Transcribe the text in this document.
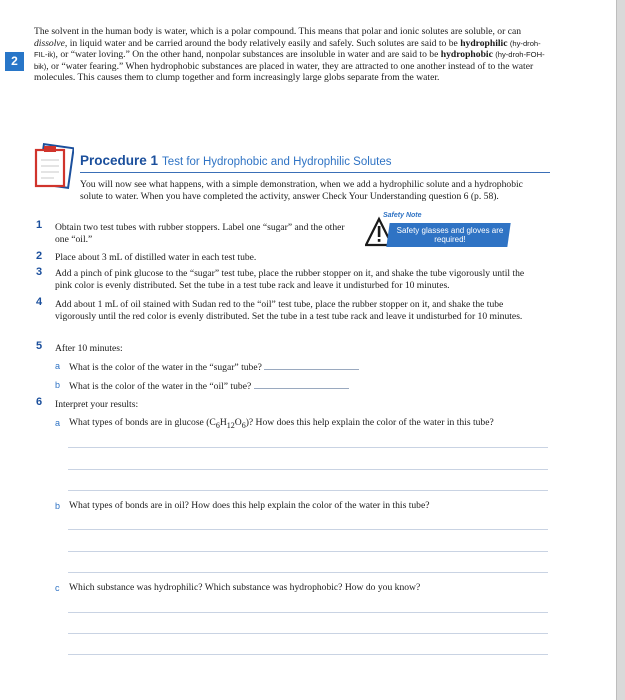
2
The solvent in the human body is water, which is a polar compound. This means that polar and ionic solutes are soluble, or can dissolve, in liquid water and be carried around the body relatively easily and safely. Such solutes are said to be hydrophilic (hy-droh-FIL-ik), or “water loving.” On the other hand, nonpolar substances are insoluble in water and are said to be hydrophobic (hy-droh-FOH-bik), or “water fearing.” When hydrophobic substances are placed in water, they are attracted to one another instead of to the water molecules. This causes them to clump together and form increasingly large globs separate from the water.
Procedure 1 Test for Hydrophobic and Hydrophilic Solutes
You will now see what happens, with a simple demonstration, when we add a hydrophilic solute and a hydrophobic solute to water. When you have completed the activity, answer Check Your Understanding question 6 (p. 58).
Safety Note
Safety glasses and gloves are required!
1 Obtain two test tubes with rubber stoppers. Label one “sugar” and the other one “oil.”
2 Place about 3 mL of distilled water in each test tube.
3 Add a pinch of pink glucose to the “sugar” test tube, place the rubber stopper on it, and shake the tube vigorously until the pink color is evenly distributed. Set the tube in a test tube rack and leave it undisturbed for 10 minutes.
4 Add about 1 mL of oil stained with Sudan red to the “oil” test tube, place the rubber stopper on it, and shake the tube vigorously until the red color is evenly distributed. Set the tube in a test tube rack and leave it undisturbed for 10 minutes.
5 After 10 minutes:
a What is the color of the water in the “sugar” tube?
b What is the color of the water in the “oil” tube?
6 Interpret your results:
a What types of bonds are in glucose $(C_6H_{12}O_6)$? How does this help explain the color of the water in this tube?
b What types of bonds are in oil? How does this help explain the color of the water in this tube?
c Which substance was hydrophilic? Which substance was hydrophobic? How do you know?
